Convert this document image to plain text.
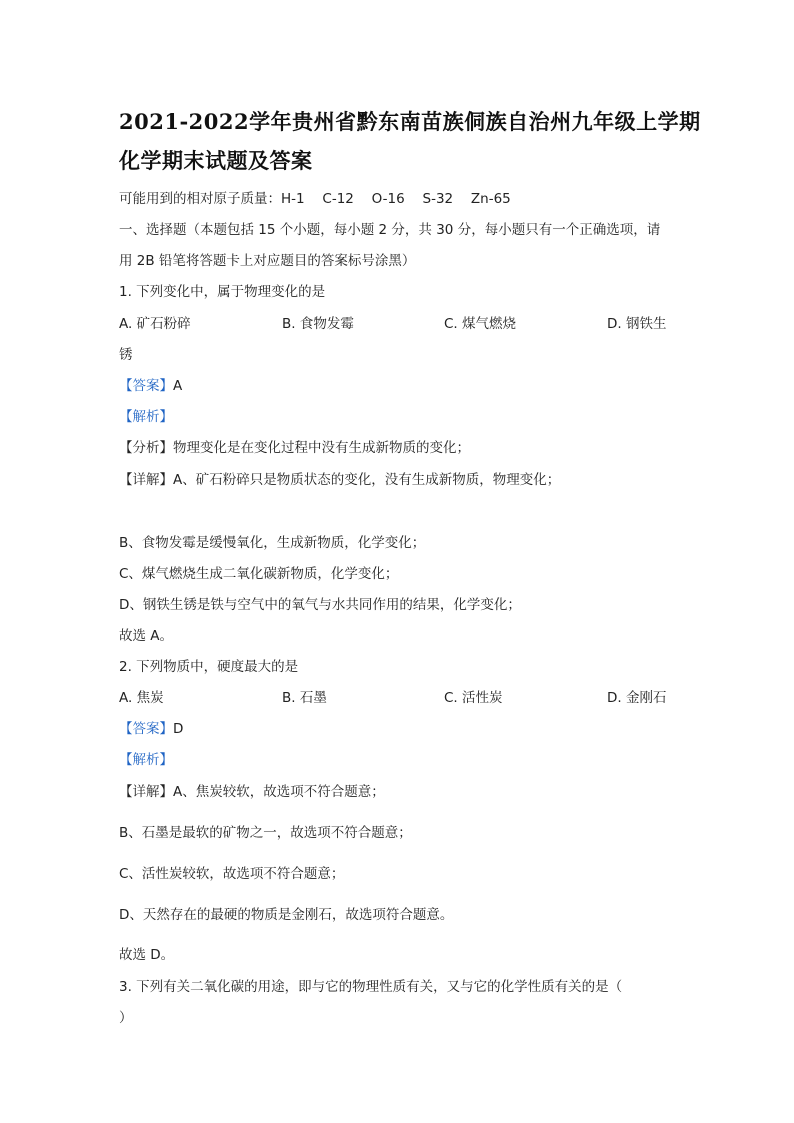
2021-2022学年贵州省黔东南苗族侗族自治州九年级上学期
化学期末试题及答案
可能用到的相对原子质量：H-1　 C-12　 O-16　 S-32　 Zn-65
一、选择题（本题包括 15 个小题，每小题 2 分，共 30 分，每小题只有一个正确选项，请
用 2B 铅笔将答题卡上对应题目的答案标号涂黑）
1. 下列变化中，属于物理变化的是
A. 矿石粉碎	B. 食物发霉	C. 煤气燃烧	D. 钢铁生
锈
【答案】A
【解析】
【分析】物理变化是在变化过程中没有生成新物质的变化；
【详解】A、矿石粉碎只是物质状态的变化，没有生成新物质，物理变化；
B、食物发霉是缓慢氧化，生成新物质，化学变化；
C、煤气燃烧生成二氧化碳新物质，化学变化；
D、钢铁生锈是铁与空气中的氧气与水共同作用的结果，化学变化；
故选 A。
2. 下列物质中，硬度最大的是
A. 焦炭	B. 石墨	C. 活性炭	D. 金刚石
【答案】D
【解析】
【详解】A、焦炭较软，故选项不符合题意；
B、石墨是最软的矿物之一，故选项不符合题意；
C、活性炭较软，故选项不符合题意；
D、天然存在的最硬的物质是金刚石，故选项符合题意。
故选 D。
3. 下列有关二氧化碳的用途，即与它的物理性质有关，又与它的化学性质有关的是（
）
